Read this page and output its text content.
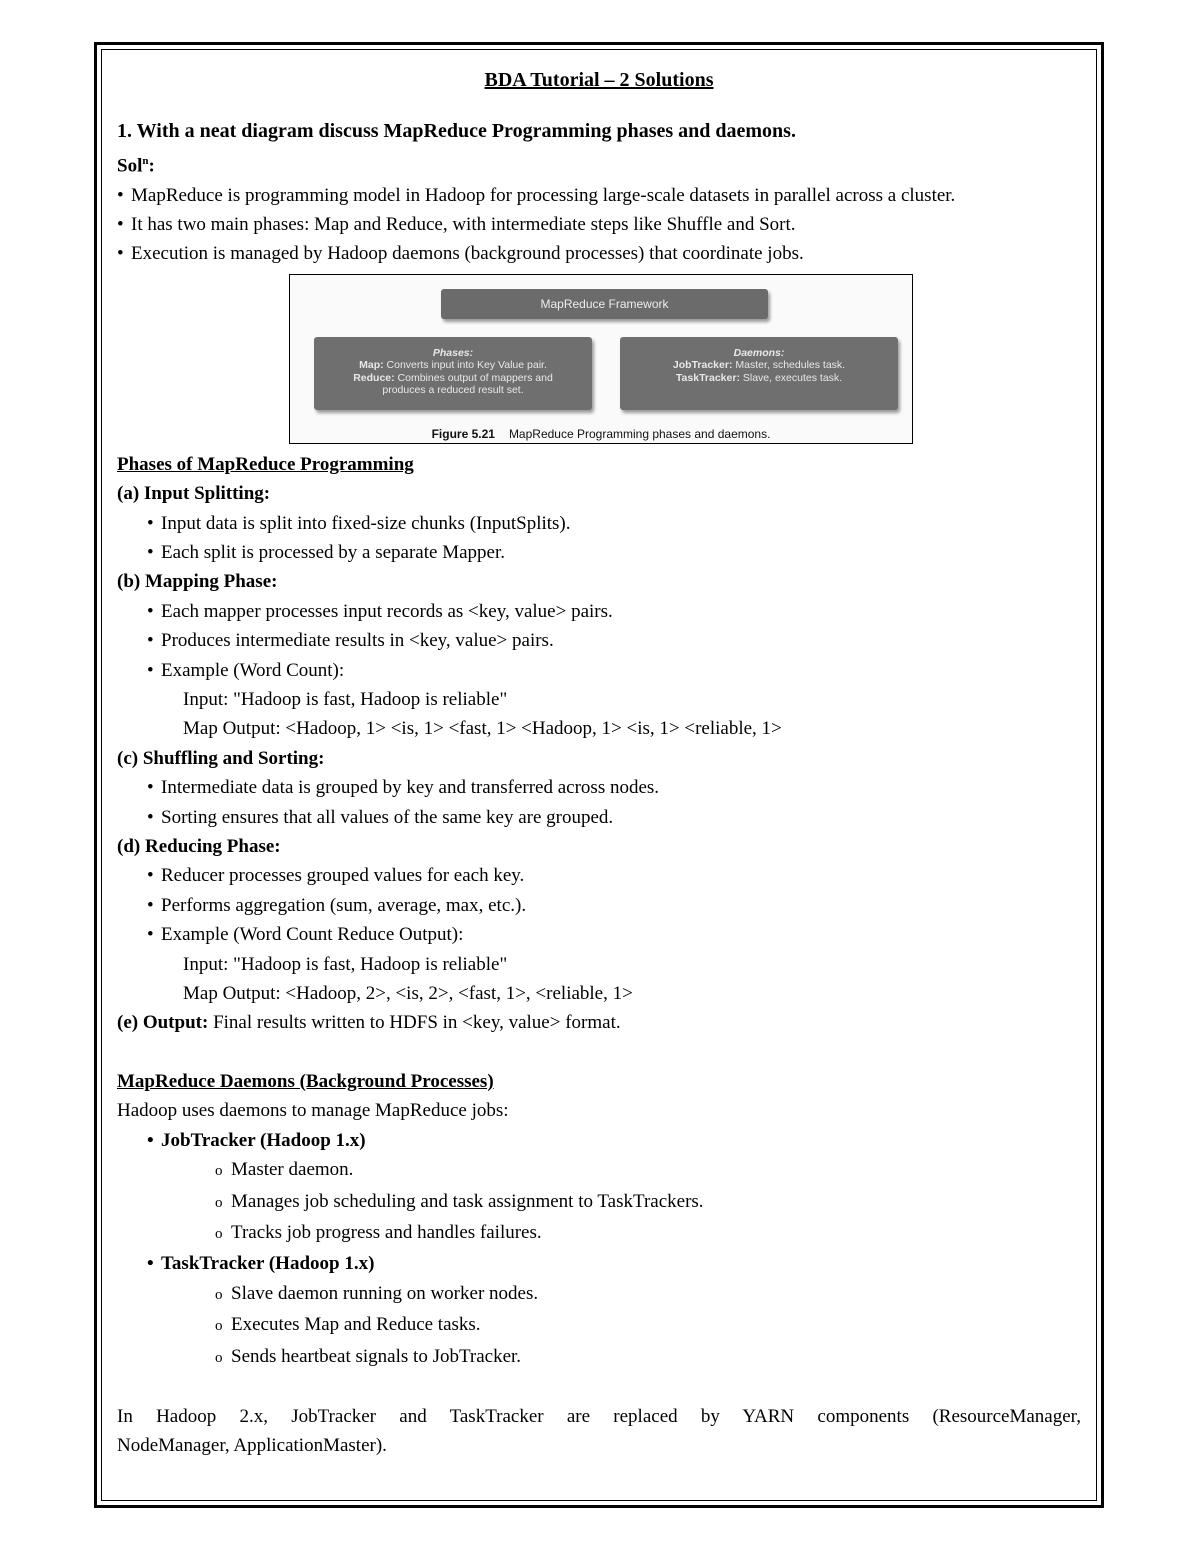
BDA Tutorial – 2 Solutions
1. With a neat diagram discuss MapReduce Programming phases and daemons.
Sol$^n$:
• MapReduce is programming model in Hadoop for processing large-scale datasets in parallel across a cluster.
• It has two main phases: Map and Reduce, with intermediate steps like Shuffle and Sort.
• Execution is managed by Hadoop daemons (background processes) that coordinate jobs.
MapReduce Framework
Phases:
Map: Converts input into Key Value pair.
Reduce: Combines output of mappers and
produces a reduced result set.
Daemons:
JobTracker: Master, schedules task.
TaskTracker: Slave, executes task.
Figure 5.21 MapReduce Programming phases and daemons.
Phases of MapReduce Programming
(a) Input Splitting:
• Input data is split into fixed-size chunks (InputSplits).
• Each split is processed by a separate Mapper.
(b) Mapping Phase:
• Each mapper processes input records as <key, value> pairs.
• Produces intermediate results in <key, value> pairs.
• Example (Word Count):
Input: "Hadoop is fast, Hadoop is reliable"
Map Output: <Hadoop, 1> <is, 1> <fast, 1> <Hadoop, 1> <is, 1> <reliable, 1>
(c) Shuffling and Sorting:
• Intermediate data is grouped by key and transferred across nodes.
• Sorting ensures that all values of the same key are grouped.
(d) Reducing Phase:
• Reducer processes grouped values for each key.
• Performs aggregation (sum, average, max, etc.).
• Example (Word Count Reduce Output):
Input: "Hadoop is fast, Hadoop is reliable"
Map Output: <Hadoop, 2>, <is, 2>, <fast, 1>, <reliable, 1>
(e) Output: Final results written to HDFS in <key, value> format.
MapReduce Daemons (Background Processes)
Hadoop uses daemons to manage MapReduce jobs:
• JobTracker (Hadoop 1.x)
o Master daemon.
o Manages job scheduling and task assignment to TaskTrackers.
o Tracks job progress and handles failures.
• TaskTracker (Hadoop 1.x)
o Slave daemon running on worker nodes.
o Executes Map and Reduce tasks.
o Sends heartbeat signals to JobTracker.
In Hadoop 2.x, JobTracker and TaskTracker are replaced by YARN components (ResourceManager,
NodeManager, ApplicationMaster).
